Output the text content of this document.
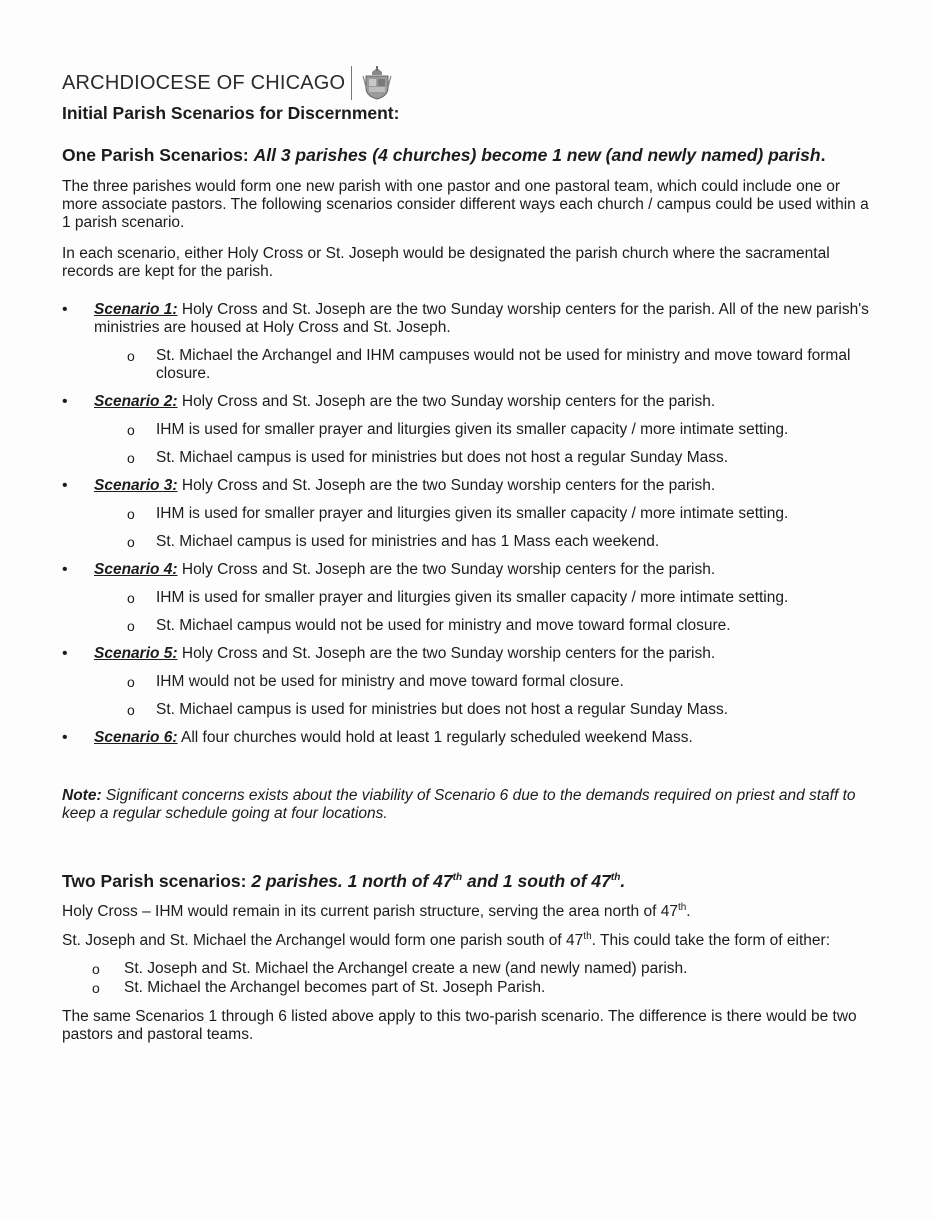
ARCHDIOCESE OF CHICAGO
Initial Parish Scenarios for Discernment:
One Parish Scenarios: All 3 parishes (4 churches) become 1 new (and newly named) parish.

The three parishes would form one new parish with one pastor and one pastoral team, which could include one or more associate pastors. The following scenarios consider different ways each church / campus could be used within a 1 parish scenario.

In each scenario, either Holy Cross or St. Joseph would be designated the parish church where the sacramental records are kept for the parish.

• Scenario 1: Holy Cross and St. Joseph are the two Sunday worship centers for the parish. All of the new parish's ministries are housed at Holy Cross and St. Joseph.
o St. Michael the Archangel and IHM campuses would not be used for ministry and move toward formal closure.
• Scenario 2: Holy Cross and St. Joseph are the two Sunday worship centers for the parish.
o IHM is used for smaller prayer and liturgies given its smaller capacity / more intimate setting.
o St. Michael campus is used for ministries but does not host a regular Sunday Mass.
• Scenario 3: Holy Cross and St. Joseph are the two Sunday worship centers for the parish.
o IHM is used for smaller prayer and liturgies given its smaller capacity / more intimate setting.
o St. Michael campus is used for ministries and has 1 Mass each weekend.
• Scenario 4: Holy Cross and St. Joseph are the two Sunday worship centers for the parish.
o IHM is used for smaller prayer and liturgies given its smaller capacity / more intimate setting.
o St. Michael campus would not be used for ministry and move toward formal closure.
• Scenario 5: Holy Cross and St. Joseph are the two Sunday worship centers for the parish.
o IHM would not be used for ministry and move toward formal closure.
o St. Michael campus is used for ministries but does not host a regular Sunday Mass.
• Scenario 6: All four churches would hold at least 1 regularly scheduled weekend Mass.

Note: Significant concerns exists about the viability of Scenario 6 due to the demands required on priest and staff to keep a regular schedule going at four locations.

Two Parish scenarios: 2 parishes. 1 north of 47th and 1 south of 47th.

Holy Cross – IHM would remain in its current parish structure, serving the area north of 47th.

St. Joseph and St. Michael the Archangel would form one parish south of 47th. This could take the form of either:

o St. Joseph and St. Michael the Archangel create a new (and newly named) parish.
o St. Michael the Archangel becomes part of St. Joseph Parish.

The same Scenarios 1 through 6 listed above apply to this two-parish scenario. The difference is there would be two pastors and pastoral teams.
